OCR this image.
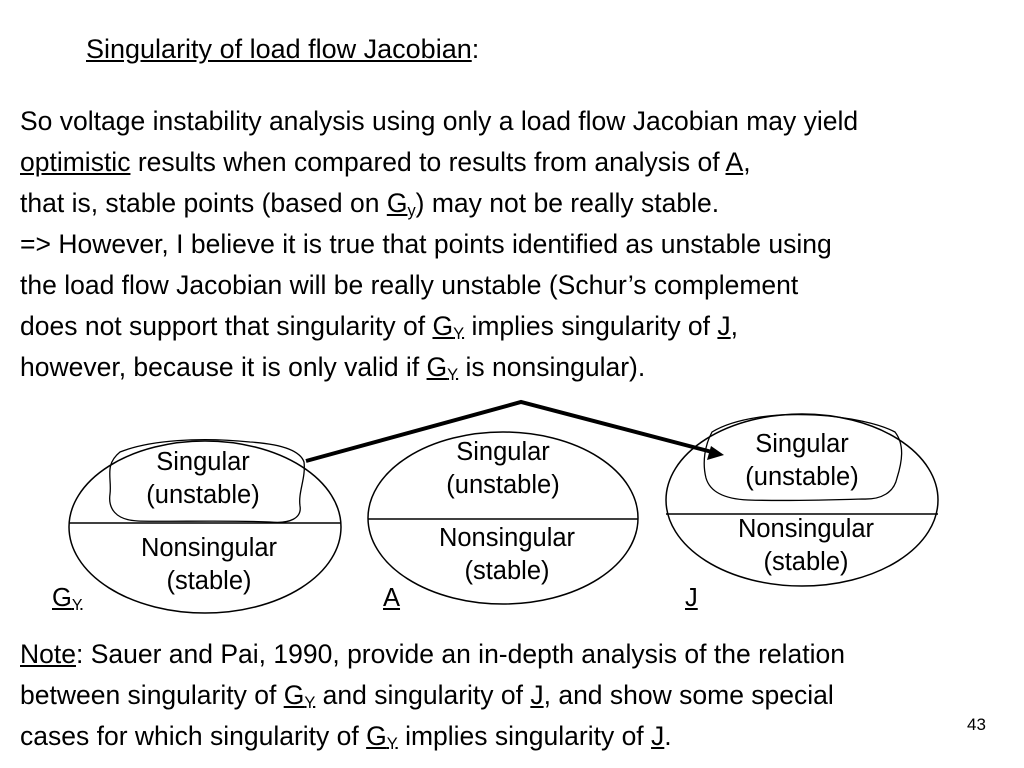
Singularity of load flow Jacobian:
So voltage instability analysis using only a load flow Jacobian may yield
optimistic results when compared to results from analysis of A,
that is, stable points (based on $G_y$) may not be really stable.
=> However, I believe it is true that points identified as unstable using
the load flow Jacobian will be really unstable (Schur’s complement
does not support that singularity of $G_Y$ implies singularity of J,
however, because it is only valid if $G_Y$ is nonsingular).
Singular
(unstable)
Nonsingular
(stable)
Singular
(unstable)
Nonsingular
(stable)
Singular
(unstable)
Nonsingular
(stable)
$G_Y$	A	J
Note: Sauer and Pai, 1990, provide an in-depth analysis of the relation
between singularity of $G_Y$ and singularity of J, and show some special
cases for which singularity of $G_Y$ implies singularity of J.	43
